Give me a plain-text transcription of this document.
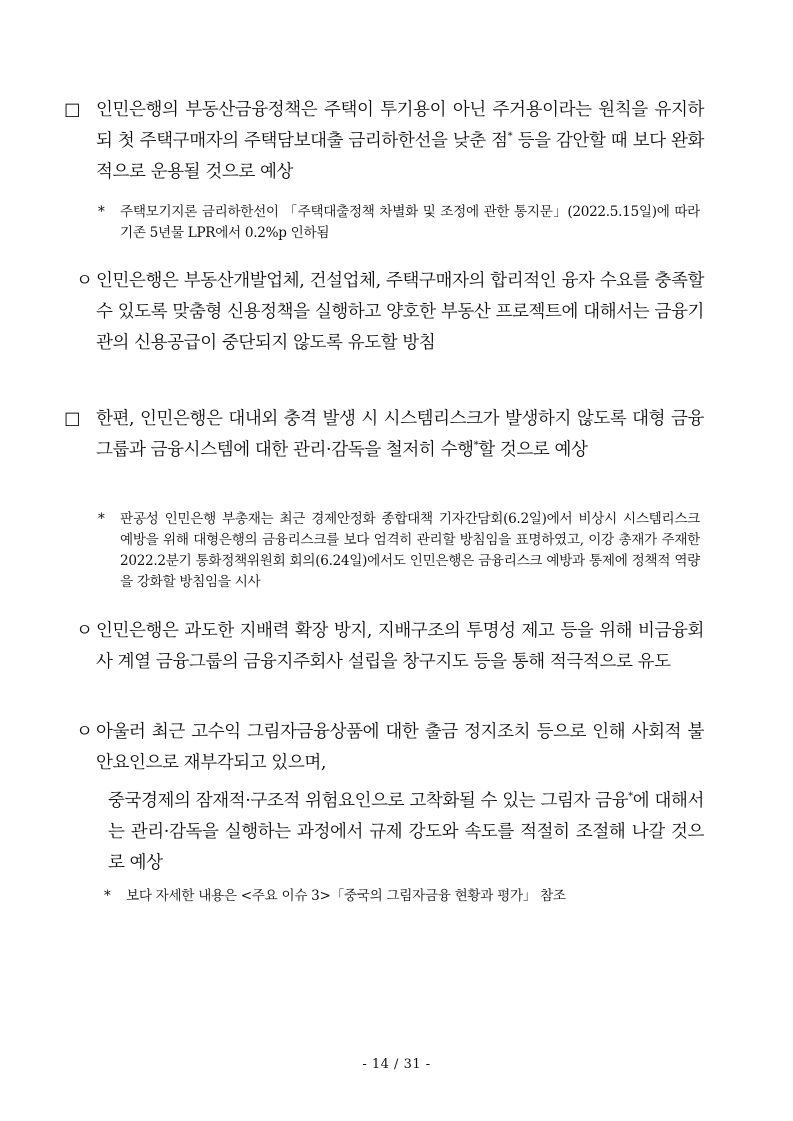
□ 인민은행의 부동산금융정책은 주택이 투기용이 아닌 주거용이라는 원칙을 유지하되 첫 주택구매자의 주택담보대출 금리하한선을 낮춘 점* 등을 감안할 때 보다 완화적으로 운용될 것으로 예상
* 주택모기지론 금리하한선이 「주택대출정책 차별화 및 조정에 관한 통지문」(2022.5.15일)에 따라 기존 5년물 LPR에서 0.2%p 인하됨
ㅇ 인민은행은 부동산개발업체, 건설업체, 주택구매자의 합리적인 융자 수요를 충족할 수 있도록 맞춤형 신용정책을 실행하고 양호한 부동산 프로젝트에 대해서는 금융기관의 신용공급이 중단되지 않도록 유도할 방침
□ 한편, 인민은행은 대내외 충격 발생 시 시스템리스크가 발생하지 않도록 대형 금융그룹과 금융시스템에 대한 관리·감독을 철저히 수행*할 것으로 예상
* 판공성 인민은행 부총재는 최근 경제안정화 종합대책 기자간담회(6.2일)에서 비상시 시스템리스크 예방을 위해 대형은행의 금융리스크를 보다 엄격히 관리할 방침임을 표명하였고, 이강 총재가 주재한 2022.2분기 통화정책위원회 회의(6.24일)에서도 인민은행은 금융리스크 예방과 통제에 정책적 역량을 강화할 방침임을 시사
ㅇ 인민은행은 과도한 지배력 확장 방지, 지배구조의 투명성 제고 등을 위해 비금융회사 계열 금융그룹의 금융지주회사 설립을 창구지도 등을 통해 적극적으로 유도
ㅇ 아울러 최근 고수익 그림자금융상품에 대한 출금 정지조치 등으로 인해 사회적 불안요인으로 재부각되고 있으며,
중국경제의 잠재적·구조적 위험요인으로 고착화될 수 있는 그림자 금융*에 대해서는 관리·감독을 실행하는 과정에서 규제 강도와 속도를 적절히 조절해 나갈 것으로 예상
* 보다 자세한 내용은 <주요 이슈 3>「중국의 그림자금융 현황과 평가」 참조
- 14 / 31 -
